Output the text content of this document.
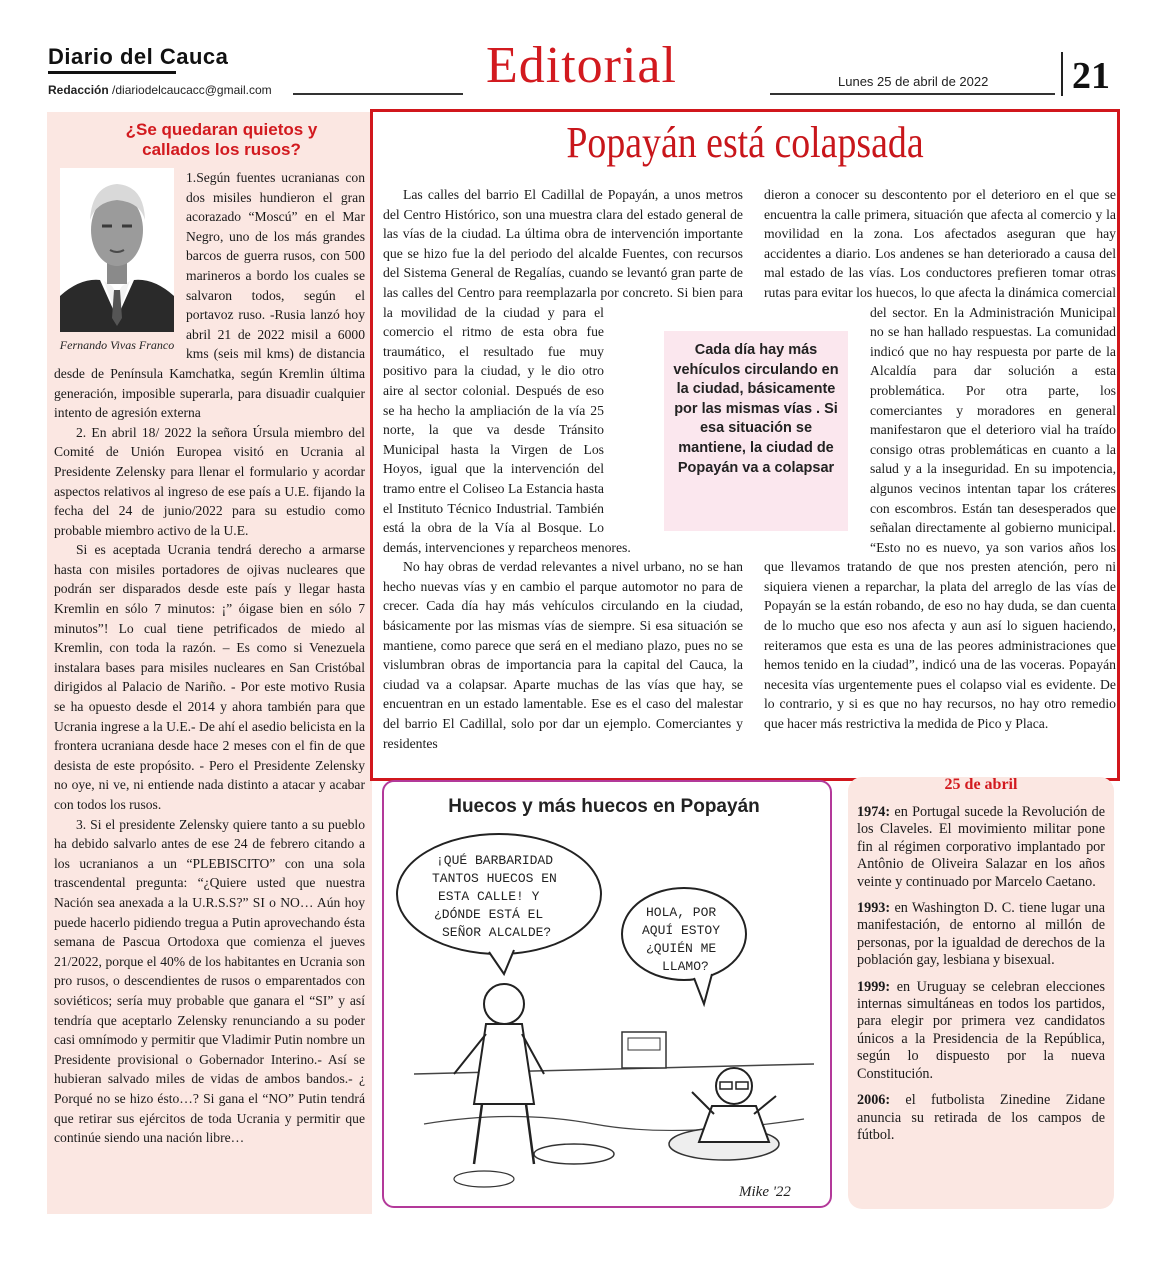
Diario del Cauca
Redacción /diariodelcaucacc@gmail.com	Editorial	Lunes 25 de abril de 2022 21
¿Se quedaran quietos y callados los rusos?
Fernando Vivas Franco

1.Según fuentes ucranianas con dos misiles hundieron el gran acorazado “Moscú” en el Mar Negro, uno de los más grandes barcos de guerra rusos, con 500 marineros a bordo los cuales se salvaron todos, según el portavoz ruso. -Rusia lanzó hoy abril 21 de 2022 misil a 6000 kms (seis mil kms) de distancia desde de Península Kamchatka, según Kremlin última generación, imposible superarla, para disuadir cualquier intento de agresión externa

2. En abril 18/ 2022 la señora Úrsula miembro del Comité de Unión Europea visitó en Ucrania al Presidente Zelensky para llenar el formulario y acordar aspectos relativos al ingreso de ese país a U.E. fijando la fecha del 24 de junio/2022 para su estudio como probable miembro activo de la U.E.

Si es aceptada Ucrania tendrá derecho a armarse hasta con misiles portadores de ojivas nucleares que podrán ser disparados desde este país y llegar hasta Kremlin en sólo 7 minutos: ¡” óigase bien en sólo 7 minutos”! Lo cual tiene petrificados de miedo al Kremlin, con toda la razón. – Es como si Venezuela instalara bases para misiles nucleares en San Cristóbal dirigidos al Palacio de Nariño. - Por este motivo Rusia se ha opuesto desde el 2014 y ahora también para que Ucrania ingrese a la U.E.- De ahí el asedio belicista en la frontera ucraniana desde hace 2 meses con el fin de que desista de este propósito. - Pero el Presidente Zelensky no oye, ni ve, ni entiende nada distinto a atacar y acabar con todos los rusos.

3. Si el presidente Zelensky quiere tanto a su pueblo ha debido salvarlo antes de ese 24 de febrero citando a los ucranianos a un “PLEBISCITO” con una sola trascendental pregunta: “¿Quiere usted que nuestra Nación sea anexada a la U.R.S.S?” SI o NO… Aún hoy puede hacerlo pidiendo tregua a Putin aprovechando ésta semana de Pascua Ortodoxa que comienza el jueves 21/2022, porque el 40% de los habitantes en Ucrania son pro rusos, o descendientes de rusos o emparentados con soviéticos; sería muy probable que ganara el “SI” y así tendría que aceptarlo Zelensky renunciando a su poder casi omnímodo y permitir que Vladimir Putin nombre un Presidente provisional o Gobernador Interino.- Así se hubieran salvado miles de vidas de ambos bandos.- ¿ Porqué no se hizo ésto…? Si gana el “NO” Putin tendrá que retirar sus ejércitos de toda Ucrania y permitir que continúe siendo una nación libre…

Popayán está colapsada

Las calles del barrio El Cadillal de Popayán, a unos metros del Centro Histórico, son una muestra clara del estado general de las vías de la ciudad. La última obra de intervención importante que se hizo fue la del periodo del alcalde Fuentes, con recursos del Sistema General de Regalías, cuando se levantó gran parte de las calles del Centro para reemplazarla por concreto. Si bien para la movilidad de la ciudad y para el comercio el ritmo de esta obra fue traumático, el resultado fue muy positivo para la ciudad, y le dio otro aire al sector colonial. Después de eso se ha hecho la ampliación de la vía 25 norte, la que va desde Tránsito Municipal hasta la Virgen de Los Hoyos, igual que la intervención del tramo entre el Coliseo La Estancia hasta el Instituto Técnico Industrial. También está la obra de la Vía al Bosque. Lo demás, intervenciones y reparcheos menores.

No hay obras de verdad relevantes a nivel urbano, no se han hecho nuevas vías y en cambio el parque automotor no para de crecer. Cada día hay más vehículos circulando en la ciudad, básicamente por las mismas vías de siempre. Si esa situación se mantiene, como parece que será en el mediano plazo, pues no se vislumbran obras de importancia para la capital del Cauca, la ciudad va a colapsar. Aparte muchas de las vías que hay, se encuentran en un estado lamentable. Ese es el caso del malestar del barrio El Cadillal, solo por dar un ejemplo. Comerciantes y residentes

dieron a conocer su descontento por el deterioro en el que se encuentra la calle primera, situación que afecta al comercio y la movilidad en la zona. Los afectados aseguran que hay accidentes a diario. Los andenes se han deteriorado a causa del mal estado de las vías. Los conductores prefieren tomar otras rutas para evitar los huecos, lo que afecta la dinámica comercial del sector. En la Administración Municipal no se han hallado respuestas. La comunidad indicó que no hay respuesta por parte de la Alcaldía para dar solución a esta problemática. Por otra parte, los comerciantes y moradores en general manifestaron que el deterioro vial ha traído consigo otras problemáticas en cuanto a la salud y a la inseguridad. En su impotencia, algunos vecinos intentan tapar los cráteres con escombros. Están tan desesperados que señalan directamente al gobierno municipal. “Esto no es nuevo, ya son varios años los que llevamos tratando de que nos presten atención, pero ni siquiera vienen a reparchar, la plata del arreglo de las vías de Popayán se la están robando, de eso no hay duda, se dan cuenta de lo mucho que eso nos afecta y aun así lo siguen haciendo, reiteramos que esta es una de las peores administraciones que hemos tenido en la ciudad”, indicó una de las voceras. Popayán necesita vías urgentemente pues el colapso vial es evidente. De lo contrario, y si es que no hay recursos, no hay otro remedio que hacer más restrictiva la medida de Pico y Placa.

Cada día hay más vehículos circulando en la ciudad, básicamente por las mismas vías . Si esa situación se mantiene, la ciudad de Popayán va a colapsar
Huecos y más huecos en Popayán
¡QUÉ BARBARIDAD
TANTOS HUECOS EN
ESTA CALLE! Y
¿DÓNDE ESTÁ EL
SEÑOR ALCALDE?
HOLA, POR
AQUÍ ESTOY
¿QUIÉN ME
LLAMO?
Mike '22
25 de abril
1974: en Portugal sucede la Revolución de los Claveles. El movimiento militar pone fin al régimen corporativo implantado por Antônio de Oliveira Salazar en los años veinte y continuado por Marcelo Caetano.
1993: en Washington D. C. tiene lugar una manifestación, de entorno al millón de personas, por la igualdad de derechos de la población gay, lesbiana y bisexual.
1999: en Uruguay se celebran elecciones internas simultáneas en todos los partidos, para elegir por primera vez candidatos únicos a la Presidencia de la República, según lo dispuesto por la nueva Constitución.
2006: el futbolista Zinedine Zidane anuncia su retirada de los campos de fútbol.
